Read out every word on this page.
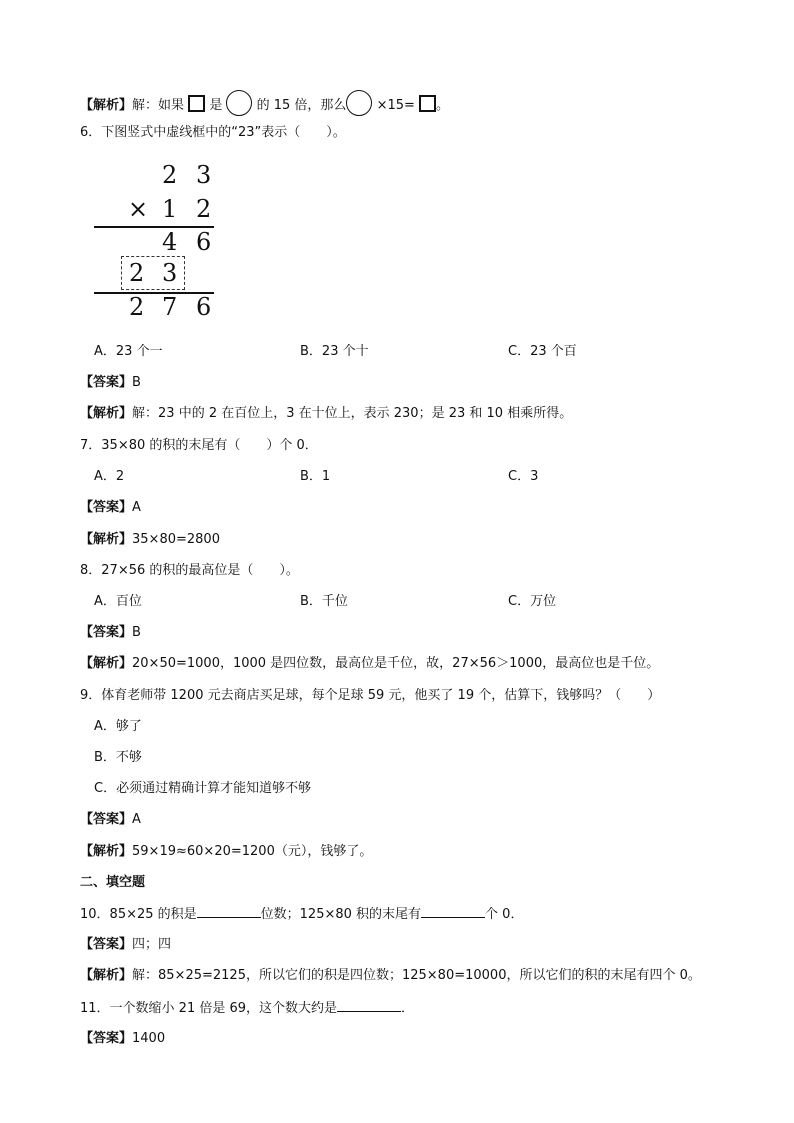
【解析】解：如果 是	的 15 倍，那么 ×15= 。
6．下图竖式中虚线框中的“23”表示（　　）。
2 3
× 1 2
4 6
2 3
2 7 6
A．23 个一	B．23 个十	C．23 个百
【答案】B
【解析】解：23 中的 2 在百位上，3 在十位上，表示 230；是 23 和 10 相乘所得。
7．35×80 的积的末尾有（　　）个 0．
A．2	B．1	C．3
【答案】A
【解析】35×80=2800
8．27×56 的积的最高位是（　　）。
A．百位	B．千位	C．万位
【答案】B
【解析】20×50=1000，1000 是四位数，最高位是千位，故，27×56＞1000，最高位也是千位。
9．体育老师带 1200 元去商店买足球，每个足球 59 元，他买了 19 个，估算下，钱够吗？（　　）
A．够了
B．不够
C．必须通过精确计算才能知道够不够
【答案】A
【解析】59×19≈60×20=1200（元），钱够了。
二、填空题
10．85×25 的积是	位数；125×80 积的末尾有	个 0．
【答案】四；四
【解析】解：85×25=2125，所以它们的积是四位数；125×80=10000，所以它们的积的末尾有四个 0。
11．一个数缩小 21 倍是 69，这个数大约是	．
【答案】1400
